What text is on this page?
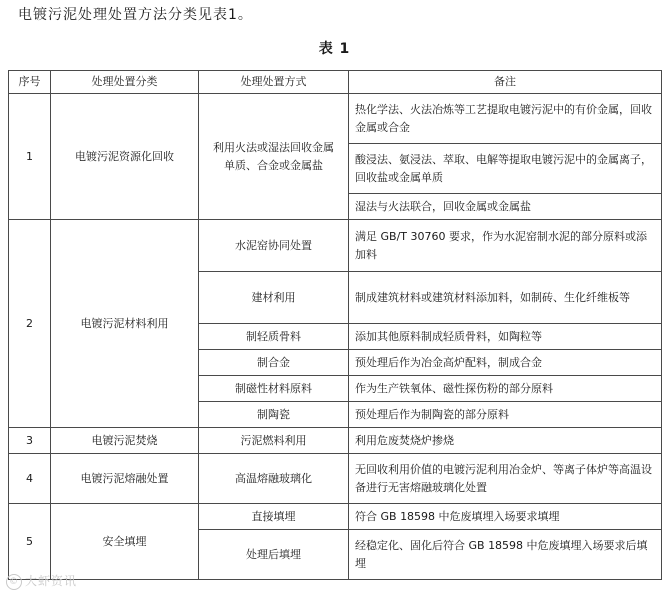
电镀污泥处理处置方法分类见表1。
表 1
序号	处理处置分类	处理处置方式	备注
1	电镀污泥资源化回收	利用火法或湿法回收金属单质、合金或金属盐	热化学法、火法冶炼等工艺提取电镀污泥中的有价金属，回收金属或合金
			酸浸法、氨浸法、萃取、电解等提取电镀污泥中的金属离子，回收盐或金属单质
			湿法与火法联合，回收金属或金属盐
2	电镀污泥材料利用	水泥窑协同处置	满足 GB/T 30760 要求，作为水泥窑制水泥的部分原料或添加料
		建材利用	制成建筑材料或建筑材料添加料，如制砖、生化纤维板等
		制轻质骨料	添加其他原料制成轻质骨料，如陶粒等
		制合金	预处理后作为冶金高炉配料，制成合金
		制磁性材料原料	作为生产铁氧体、磁性探伤粉的部分原料
		制陶瓷	预处理后作为制陶瓷的部分原料
3	电镀污泥焚烧	污泥燃料利用	利用危废焚烧炉掺烧
4	电镀污泥熔融处置	高温熔融玻璃化	无回收利用价值的电镀污泥利用冶金炉、等离子体炉等高温设备进行无害熔融玻璃化处置
5	安全填埋	直接填埋	符合 GB 18598 中危废填埋入场要求填埋
		处理后填埋	经稳定化、固化后符合 GB 18598 中危废填埋入场要求后填埋
© 大虾资讯
